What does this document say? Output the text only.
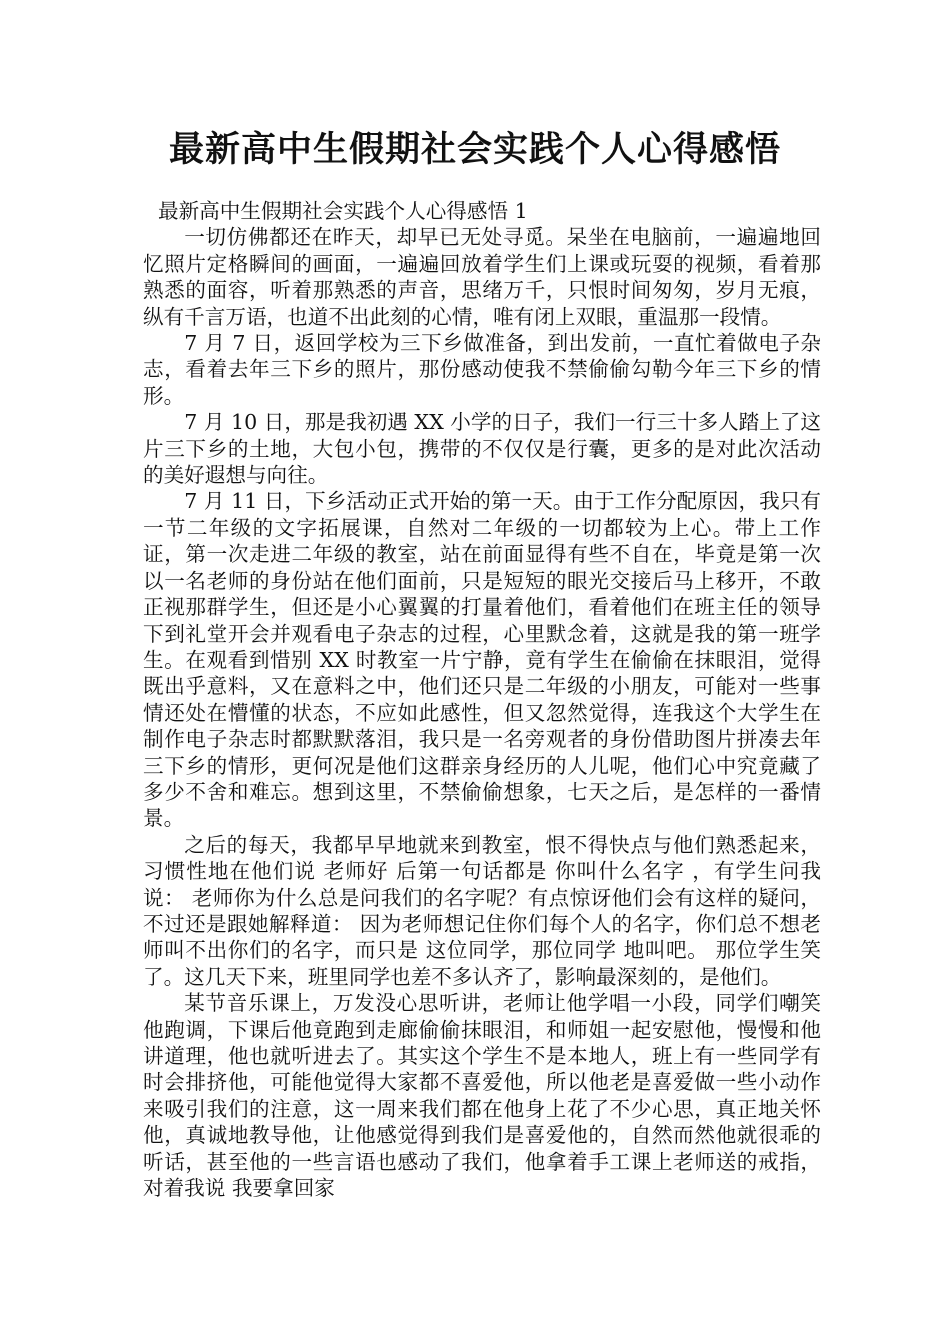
最新高中生假期社会实践个人心得感悟

最新高中生假期社会实践个人心得感悟 1

一切仿佛都还在昨天，却早已无处寻觅。呆坐在电脑前，一遍遍地回忆照片定格瞬间的画面，一遍遍回放着学生们上课或玩耍的视频，看着那熟悉的面容，听着那熟悉的声音，思绪万千，只恨时间匆匆，岁月无痕，纵有千言万语，也道不出此刻的心情，唯有闭上双眼，重温那一段情。

7 月 7 日，返回学校为三下乡做准备，到出发前，一直忙着做电子杂志，看着去年三下乡的照片，那份感动使我不禁偷偷勾勒今年三下乡的情形。

7 月 10 日，那是我初遇 XX 小学的日子，我们一行三十多人踏上了这片三下乡的土地，大包小包，携带的不仅仅是行囊，更多的是对此次活动的美好遐想与向往。

7 月 11 日，下乡活动正式开始的第一天。由于工作分配原因，我只有一节二年级的文字拓展课，自然对二年级的一切都较为上心。带上工作证，第一次走进二年级的教室，站在前面显得有些不自在，毕竟是第一次以一名老师的身份站在他们面前，只是短短的眼光交接后马上移开，不敢正视那群学生，但还是小心翼翼的打量着他们，看着他们在班主任的领导下到礼堂开会并观看电子杂志的过程，心里默念着，这就是我的第一班学生。在观看到惜别 XX 时教室一片宁静，竟有学生在偷偷在抹眼泪，觉得既出乎意料，又在意料之中，他们还只是二年级的小朋友，可能对一些事情还处在懵懂的状态，不应如此感性，但又忽然觉得，连我这个大学生在制作电子杂志时都默默落泪，我只是一名旁观者的身份借助图片拼凑去年三下乡的情形，更何况是他们这群亲身经历的人儿呢，他们心中究竟藏了多少不舍和难忘。想到这里，不禁偷偷想象，七天之后，是怎样的一番情景。

之后的每天，我都早早地就来到教室，恨不得快点与他们熟悉起来，习惯性地在他们说 老师好 后第一句话都是 你叫什么名字 ，有学生问我说： 老师你为什么总是问我们的名字呢？有点惊讶他们会有这样的疑问，不过还是跟她解释道： 因为老师想记住你们每个人的名字，你们总不想老师叫不出你们的名字，而只是 这位同学，那位同学 地叫吧。 那位学生笑了。这几天下来，班里同学也差不多认齐了，影响最深刻的，是他们。

某节音乐课上，万发没心思听讲，老师让他学唱一小段，同学们嘲笑他跑调，下课后他竟跑到走廊偷偷抹眼泪，和师姐一起安慰他，慢慢和他讲道理，他也就听进去了。其实这个学生不是本地人，班上有一些同学有时会排挤他，可能他觉得大家都不喜爱他，所以他老是喜爱做一些小动作来吸引我们的注意，这一周来我们都在他身上花了不少心思，真正地关怀他，真诚地教导他，让他感觉得到我们是喜爱他的，自然而然他就很乖的听话，甚至他的一些言语也感动了我们，他拿着手工课上老师送的戒指，对着我说 我要拿回家
